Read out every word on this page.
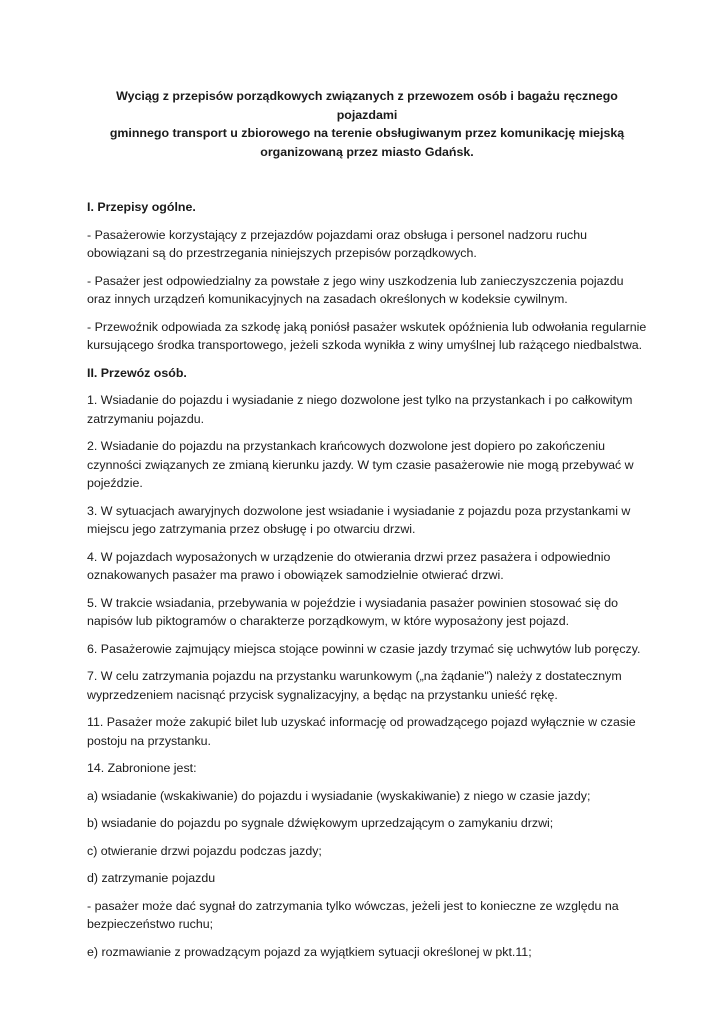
Wyciąg z przepisów porządkowych związanych z przewozem osób i bagażu ręcznego pojazdami
gminnego transport u zbiorowego na terenie obsługiwanym przez komunikację miejską
organizowaną przez miasto Gdańsk.

I. Przepisy ogólne.

- Pasażerowie korzystający z przejazdów pojazdami oraz obsługa i personel nadzoru ruchu obowiązani są do przestrzegania niniejszych przepisów porządkowych.

- Pasażer jest odpowiedzialny za powstałe z jego winy uszkodzenia lub zanieczyszczenia pojazdu oraz innych urządzeń komunikacyjnych na zasadach określonych w kodeksie cywilnym.

- Przewoźnik odpowiada za szkodę jaką poniósł pasażer wskutek opóźnienia lub odwołania regularnie kursującego środka transportowego, jeżeli szkoda wynikła z winy umyślnej lub rażącego niedbalstwa.

II. Przewóz osób.

1. Wsiadanie do pojazdu i wysiadanie z niego dozwolone jest tylko na przystankach i po całkowitym zatrzymaniu pojazdu.

2. Wsiadanie do pojazdu na przystankach krańcowych dozwolone jest dopiero po zakończeniu czynności związanych ze zmianą kierunku jazdy. W tym czasie pasażerowie nie mogą przebywać w pojeździe.

3. W sytuacjach awaryjnych dozwolone jest wsiadanie i wysiadanie z pojazdu poza przystankami w miejscu jego zatrzymania przez obsługę i po otwarciu drzwi.

4. W pojazdach wyposażonych w urządzenie do otwierania drzwi przez pasażera i odpowiednio oznakowanych pasażer ma prawo i obowiązek samodzielnie otwierać drzwi.

5. W trakcie wsiadania, przebywania w pojeździe i wysiadania pasażer powinien stosować się do napisów lub piktogramów o charakterze porządkowym, w które wyposażony jest pojazd.

6. Pasażerowie zajmujący miejsca stojące powinni w czasie jazdy trzymać się uchwytów lub poręczy.

7. W celu zatrzymania pojazdu na przystanku warunkowym („na żądanie") należy z dostatecznym wyprzedzeniem nacisnąć przycisk sygnalizacyjny, a będąc na przystanku unieść rękę.

11. Pasażer może zakupić bilet lub uzyskać informację od prowadzącego pojazd wyłącznie w czasie postoju na przystanku.

14. Zabronione jest:

a) wsiadanie (wskakiwanie) do pojazdu i wysiadanie (wyskakiwanie) z niego w czasie jazdy;

b) wsiadanie do pojazdu po sygnale dźwiękowym uprzedzającym o zamykaniu drzwi;

c) otwieranie drzwi pojazdu podczas jazdy;

d) zatrzymanie pojazdu

- pasażer może dać sygnał do zatrzymania tylko wówczas, jeżeli jest to konieczne ze względu na bezpieczeństwo ruchu;

e) rozmawianie z prowadzącym pojazd za wyjątkiem sytuacji określonej w pkt.11;
